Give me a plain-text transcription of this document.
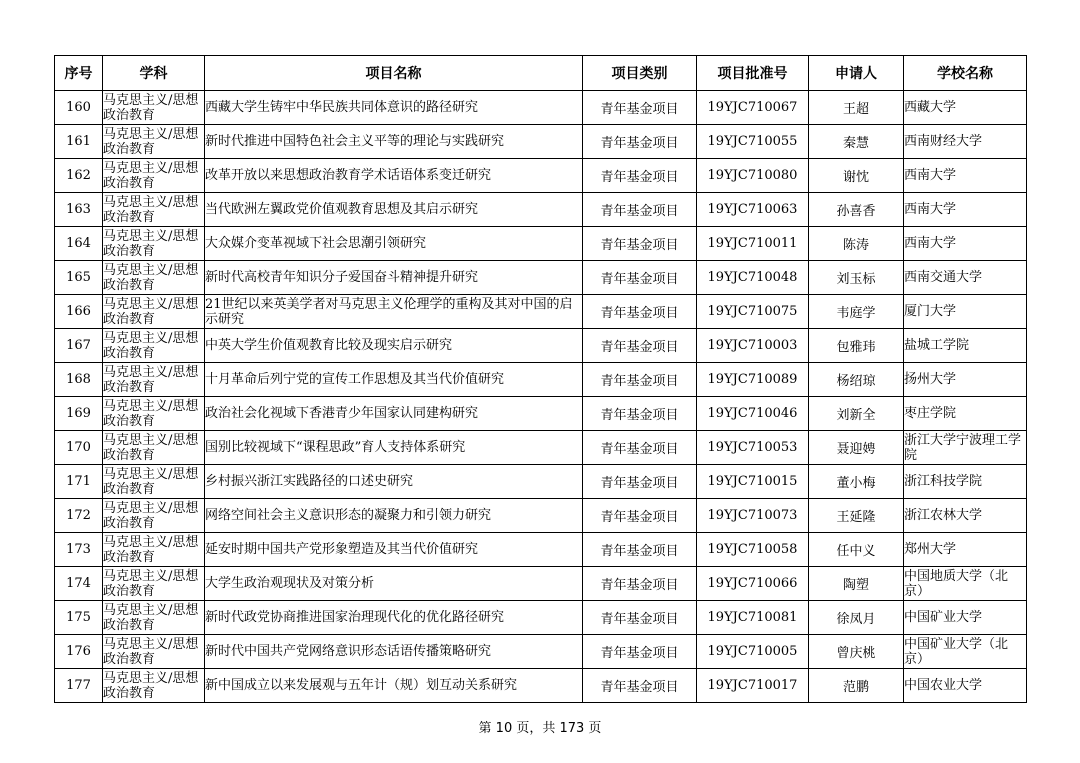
序号	学科	项目名称	项目类别	项目批准号	申请人	学校名称
160	马克思主义/思想政治教育	西藏大学生铸牢中华民族共同体意识的路径研究	青年基金项目	19YJC710067	王超	西藏大学
161	马克思主义/思想政治教育	新时代推进中国特色社会主义平等的理论与实践研究	青年基金项目	19YJC710055	秦慧	西南财经大学
162	马克思主义/思想政治教育	改革开放以来思想政治教育学术话语体系变迁研究	青年基金项目	19YJC710080	谢忱	西南大学
163	马克思主义/思想政治教育	当代欧洲左翼政党价值观教育思想及其启示研究	青年基金项目	19YJC710063	孙喜香	西南大学
164	马克思主义/思想政治教育	大众媒介变革视域下社会思潮引领研究	青年基金项目	19YJC710011	陈涛	西南大学
165	马克思主义/思想政治教育	新时代高校青年知识分子爱国奋斗精神提升研究	青年基金项目	19YJC710048	刘玉标	西南交通大学
166	马克思主义/思想政治教育	21世纪以来英美学者对马克思主义伦理学的重构及其对中国的启示研究	青年基金项目	19YJC710075	韦庭学	厦门大学
167	马克思主义/思想政治教育	中英大学生价值观教育比较及现实启示研究	青年基金项目	19YJC710003	包雅玮	盐城工学院
168	马克思主义/思想政治教育	十月革命后列宁党的宣传工作思想及其当代价值研究	青年基金项目	19YJC710089	杨绍琼	扬州大学
169	马克思主义/思想政治教育	政治社会化视域下香港青少年国家认同建构研究	青年基金项目	19YJC710046	刘新全	枣庄学院
170	马克思主义/思想政治教育	国别比较视域下“课程思政”育人支持体系研究	青年基金项目	19YJC710053	聂迎娉	浙江大学宁波理工学院
171	马克思主义/思想政治教育	乡村振兴浙江实践路径的口述史研究	青年基金项目	19YJC710015	董小梅	浙江科技学院
172	马克思主义/思想政治教育	网络空间社会主义意识形态的凝聚力和引领力研究	青年基金项目	19YJC710073	王延隆	浙江农林大学
173	马克思主义/思想政治教育	延安时期中国共产党形象塑造及其当代价值研究	青年基金项目	19YJC710058	任中义	郑州大学
174	马克思主义/思想政治教育	大学生政治观现状及对策分析	青年基金项目	19YJC710066	陶塑	中国地质大学（北京）
175	马克思主义/思想政治教育	新时代政党协商推进国家治理现代化的优化路径研究	青年基金项目	19YJC710081	徐凤月	中国矿业大学
176	马克思主义/思想政治教育	新时代中国共产党网络意识形态话语传播策略研究	青年基金项目	19YJC710005	曾庆桃	中国矿业大学（北京）
177	马克思主义/思想政治教育	新中国成立以来发展观与五年计（规）划互动关系研究	青年基金项目	19YJC710017	范鹏	中国农业大学
第 10 页，共 173 页
